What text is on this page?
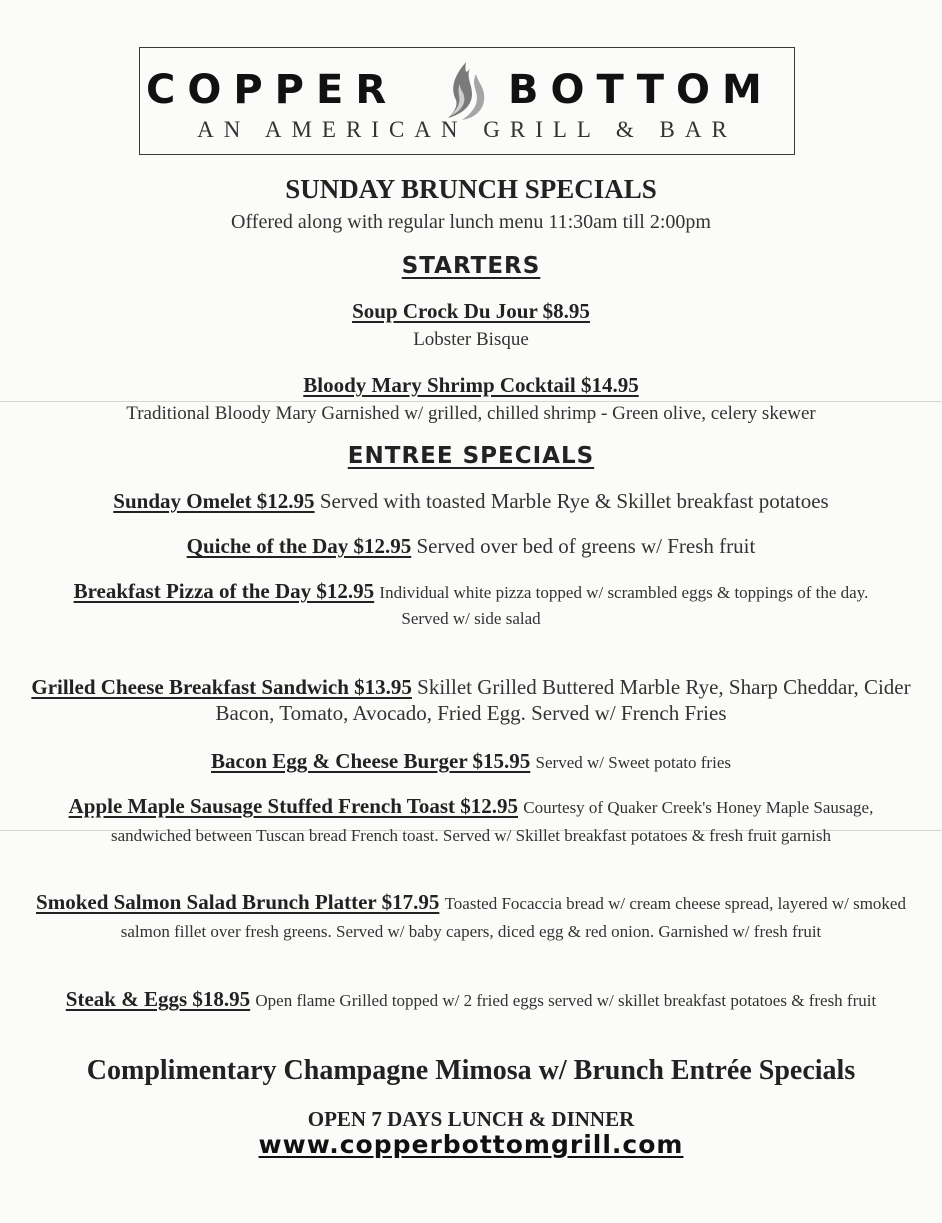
COPPER	BOTTOM
AN AMERICAN GRILL & BAR
SUNDAY BRUNCH SPECIALS
Offered along with regular lunch menu 11:30am till 2:00pm
STARTERS
Soup Crock Du Jour $8.95
Lobster Bisque
Bloody Mary Shrimp Cocktail $14.95
Traditional Bloody Mary Garnished w/ grilled, chilled shrimp - Green olive, celery skewer
ENTREE SPECIALS
Sunday Omelet $12.95 Served with toasted Marble Rye & Skillet breakfast potatoes
Quiche of the Day $12.95 Served over bed of greens w/ Fresh fruit
Breakfast Pizza of the Day $12.95 Individual white pizza topped w/ scrambled eggs & toppings of the day.
Served w/ side salad
Grilled Cheese Breakfast Sandwich $13.95 Skillet Grilled Buttered Marble Rye, Sharp Cheddar, Cider Bacon, Tomato, Avocado, Fried Egg. Served w/ French Fries
Bacon Egg & Cheese Burger $15.95 Served w/ Sweet potato fries
Apple Maple Sausage Stuffed French Toast $12.95 Courtesy of Quaker Creek's Honey Maple Sausage, sandwiched between Tuscan bread French toast. Served w/ Skillet breakfast potatoes & fresh fruit garnish
Smoked Salmon Salad Brunch Platter $17.95 Toasted Focaccia bread w/ cream cheese spread, layered w/ smoked salmon fillet over fresh greens. Served w/ baby capers, diced egg & red onion. Garnished w/ fresh fruit
Steak & Eggs $18.95 Open flame Grilled topped w/ 2 fried eggs served w/ skillet breakfast potatoes & fresh fruit
Complimentary Champagne Mimosa w/ Brunch Entrée Specials
OPEN 7 DAYS LUNCH & DINNER
www.copperbottomgrill.com
